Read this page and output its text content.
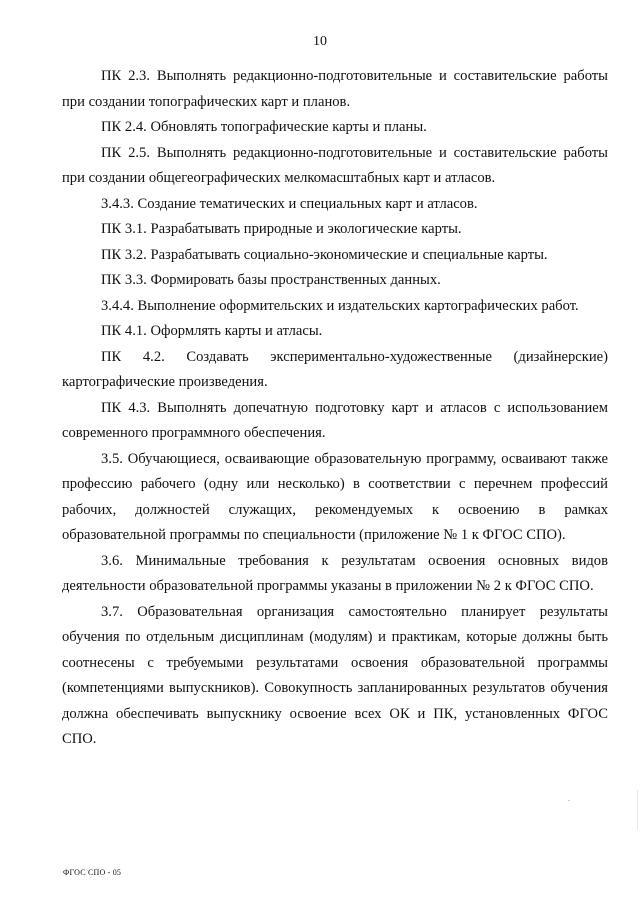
10

ПК 2.3. Выполнять редакционно-подготовительные и составительские работы при создании топографических карт и планов.

ПК 2.4. Обновлять топографические карты и планы.

ПК 2.5. Выполнять редакционно-подготовительные и составительские работы при создании общегеографических мелкомасштабных карт и атласов.

3.4.3. Создание тематических и специальных карт и атласов.

ПК 3.1. Разрабатывать природные и экологические карты.

ПК 3.2. Разрабатывать социально-экономические и специальные карты.

ПК 3.3. Формировать базы пространственных данных.

3.4.4. Выполнение оформительских и издательских картографических работ.

ПК 4.1. Оформлять карты и атласы.

ПК 4.2. Создавать экспериментально-художественные (дизайнерские) картографические произведения.

ПК 4.3. Выполнять допечатную подготовку карт и атласов с использованием современного программного обеспечения.

3.5. Обучающиеся, осваивающие образовательную программу, осваивают также профессию рабочего (одну или несколько) в соответствии с перечнем профессий рабочих, должностей служащих, рекомендуемых к освоению в рамках образовательной программы по специальности (приложение № 1 к ФГОС СПО).

3.6. Минимальные требования к результатам освоения основных видов деятельности образовательной программы указаны в приложении № 2 к ФГОС СПО.

3.7. Образовательная организация самостоятельно планирует результаты обучения по отдельным дисциплинам (модулям) и практикам, которые должны быть соотнесены с требуемыми результатами освоения образовательной программы (компетенциями выпускников). Совокупность запланированных результатов обучения должна обеспечивать выпускнику освоение всех ОК и ПК, установленных ФГОС СПО.

ФГОС СПО - 05
